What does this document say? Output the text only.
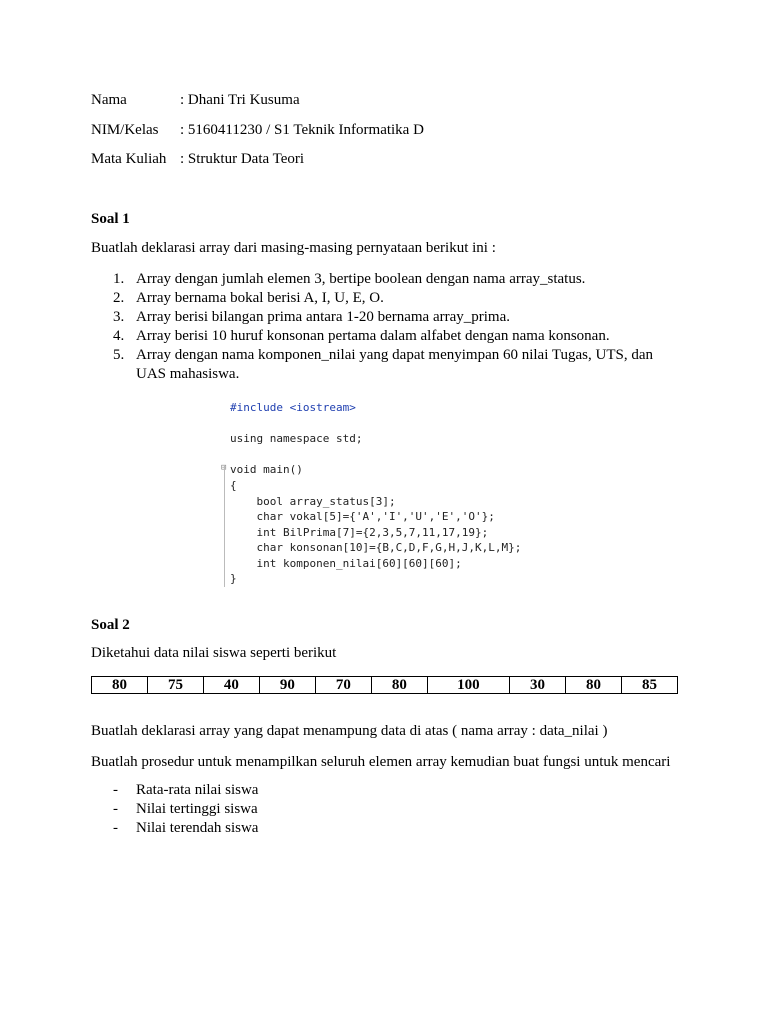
Nama	: Dhani Tri Kusuma
NIM/Kelas : 5160411230 / S1 Teknik Informatika D
Mata Kuliah : Struktur Data Teori
Soal 1
Buatlah deklarasi array dari masing-masing pernyataan berikut ini :
1. Array dengan jumlah elemen 3, bertipe boolean dengan nama array_status.
2. Array bernama bokal berisi A, I, U, E, O.
3. Array berisi bilangan prima antara 1-20 bernama array_prima.
4. Array berisi 10 huruf konsonan pertama dalam alfabet dengan nama konsonan.
5. Array dengan nama komponen_nilai yang dapat menyimpan 60 nilai Tugas, UTS, dan
UAS mahasiswa.
#include <iostream>
using namespace std;
⊟ void main()
{
bool array_status[3];
char vokal[5]={'A','I','U','E','O'};
int BilPrima[7]={2,3,5,7,11,17,19};
char konsonan[10]={B,C,D,F,G,H,J,K,L,M};
int komponen_nilai[60][60][60];
}
Soal 2
Diketahui data nilai siswa seperti berikut
80	75	40	90	70	80	100	30	80	85
Buatlah deklarasi array yang dapat menampung data di atas ( nama array : data_nilai )
Buatlah prosedur untuk menampilkan seluruh elemen array kemudian buat fungsi untuk mencari
- Rata-rata nilai siswa
- Nilai tertinggi siswa
- Nilai terendah siswa
